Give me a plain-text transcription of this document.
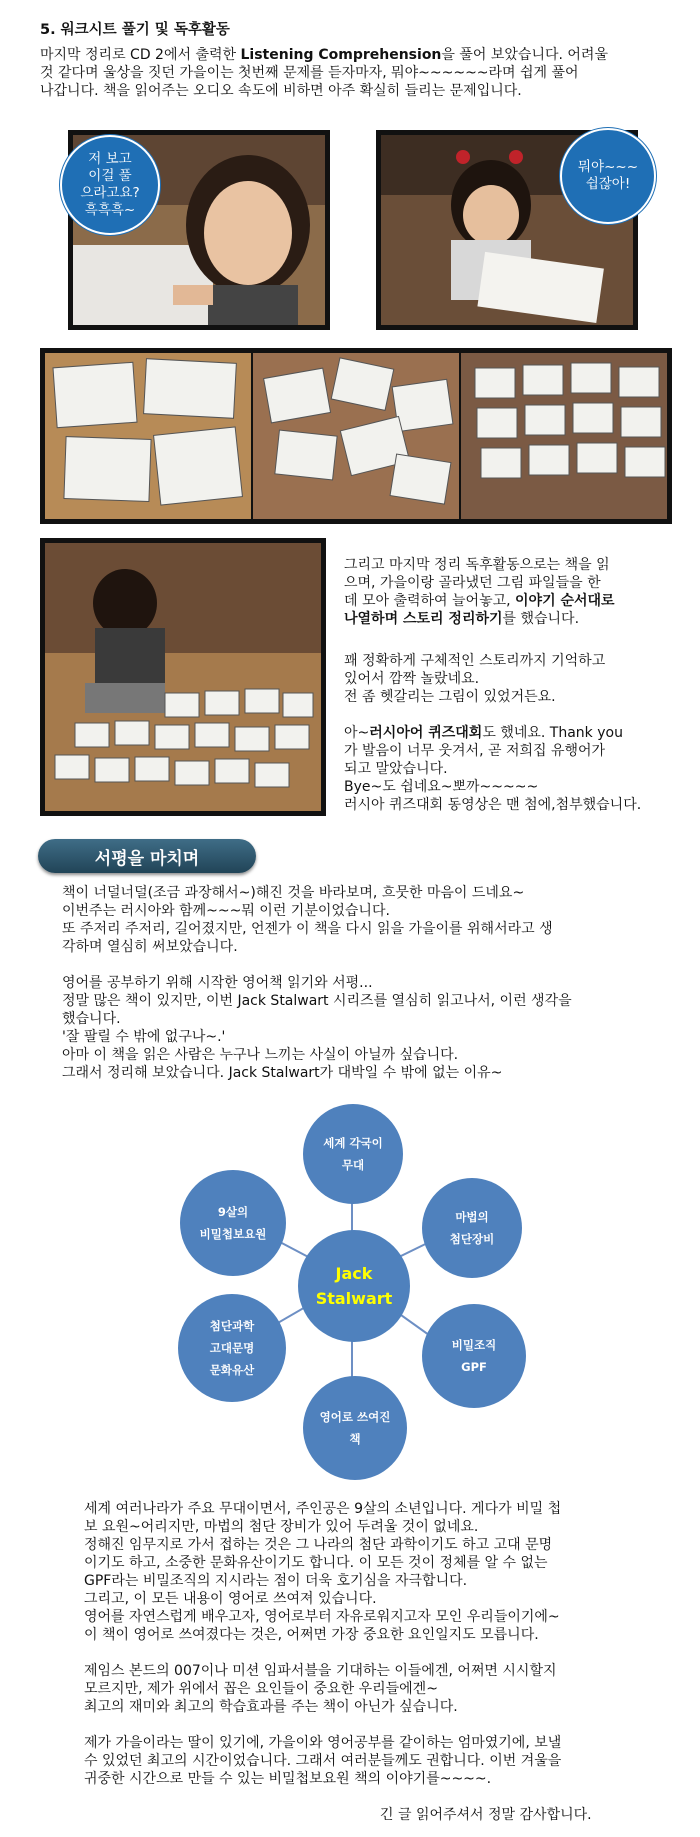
5. 워크시트 풀기 및 독후활동
마지막 정리로 CD 2에서 출력한 Listening Comprehension을 풀어 보았습니다. 어려울
것 같다며 울상을 짓던 가을이는 첫번째 문제를 듣자마자, 뭐야~~~~~~라며 쉽게 풀어
나갑니다. 책을 읽어주는 오디오 속도에 비하면 아주 확실히 들리는 문제입니다.
저 보고
이걸 풀
으라고요?
흑흑흑~
뭐야~~~
쉽잖아!
그리고 마지막 정리 독후활동으로는 책을 읽
으며, 가을이랑 골라냈던 그림 파일들을 한
데 모아 출력하여 늘어놓고, 이야기 순서대로
나열하며 스토리 정리하기를 했습니다.
꽤 정확하게 구체적인 스토리까지 기억하고
있어서 깜짝 놀랐네요.
전 좀 헷갈리는 그림이 있었거든요.
아~러시아어 퀴즈대회도 했네요. Thank you
가 발음이 너무 웃겨서, 곧 저희집 유행어가
되고 말았습니다.
Bye~도 쉽네요~뽀까~~~~~
러시아 퀴즈대회 동영상은 맨 첨에,첨부했습니다.
서평을 마치며
책이 너덜너덜(조금 과장해서~)해진 것을 바라보며, 흐뭇한 마음이 드네요~
이번주는 러시아와 함께~~~뭐 이런 기분이었습니다.
또 주저리 주저리, 길어졌지만, 언젠가 이 책을 다시 읽을 가을이를 위해서라고 생
각하며 열심히 써보았습니다.
영어를 공부하기 위해 시작한 영어책 읽기와 서평...
정말 많은 책이 있지만, 이번 Jack Stalwart 시리즈를 열심히 읽고나서, 이런 생각을
했습니다.
'잘 팔릴 수 밖에 없구나~.'
아마 이 책을 읽은 사람은 누구나 느끼는 사실이 아닐까 싶습니다.
그래서 정리해 보았습니다. Jack Stalwart가 대박일 수 밖에 없는 이유~
세계 각국이
무대
마법의
첨단장비
비밀조직
GPF
영어로 쓰여진
책
첨단과학
고대문명
문화유산
9살의
비밀첩보요원
Jack
Stalwart
세계 여러나라가 주요 무대이면서, 주인공은 9살의 소년입니다. 게다가 비밀 첩
보 요원~어리지만, 마법의 첨단 장비가 있어 두려울 것이 없네요.
정해진 임무지로 가서 접하는 것은 그 나라의 첨단 과학이기도 하고 고대 문명
이기도 하고, 소중한 문화유산이기도 합니다. 이 모든 것이 정체를 알 수 없는
GPF라는 비밀조직의 지시라는 점이 더욱 호기심을 자극합니다.
그리고, 이 모든 내용이 영어로 쓰여져 있습니다.
영어를 자연스럽게 배우고자, 영어로부터 자유로워지고자 모인 우리들이기에~
이 책이 영어로 쓰여졌다는 것은, 어쩌면 가장 중요한 요인일지도 모릅니다.
제임스 본드의 007이나 미션 임파서블을 기대하는 이들에겐, 어쩌면 시시할지
모르지만, 제가 위에서 꼽은 요인들이 중요한 우리들에겐~
최고의 재미와 최고의 학습효과를 주는 책이 아닌가 싶습니다.
제가 가을이라는 딸이 있기에, 가을이와 영어공부를 같이하는 엄마였기에, 보낼
수 있었던 최고의 시간이었습니다. 그래서 여러분들께도 권합니다. 이번 겨울을
귀중한 시간으로 만들 수 있는 비밀첩보요원 책의 이야기를~~~~.
긴 글 읽어주셔서 정말 감사합니다.
